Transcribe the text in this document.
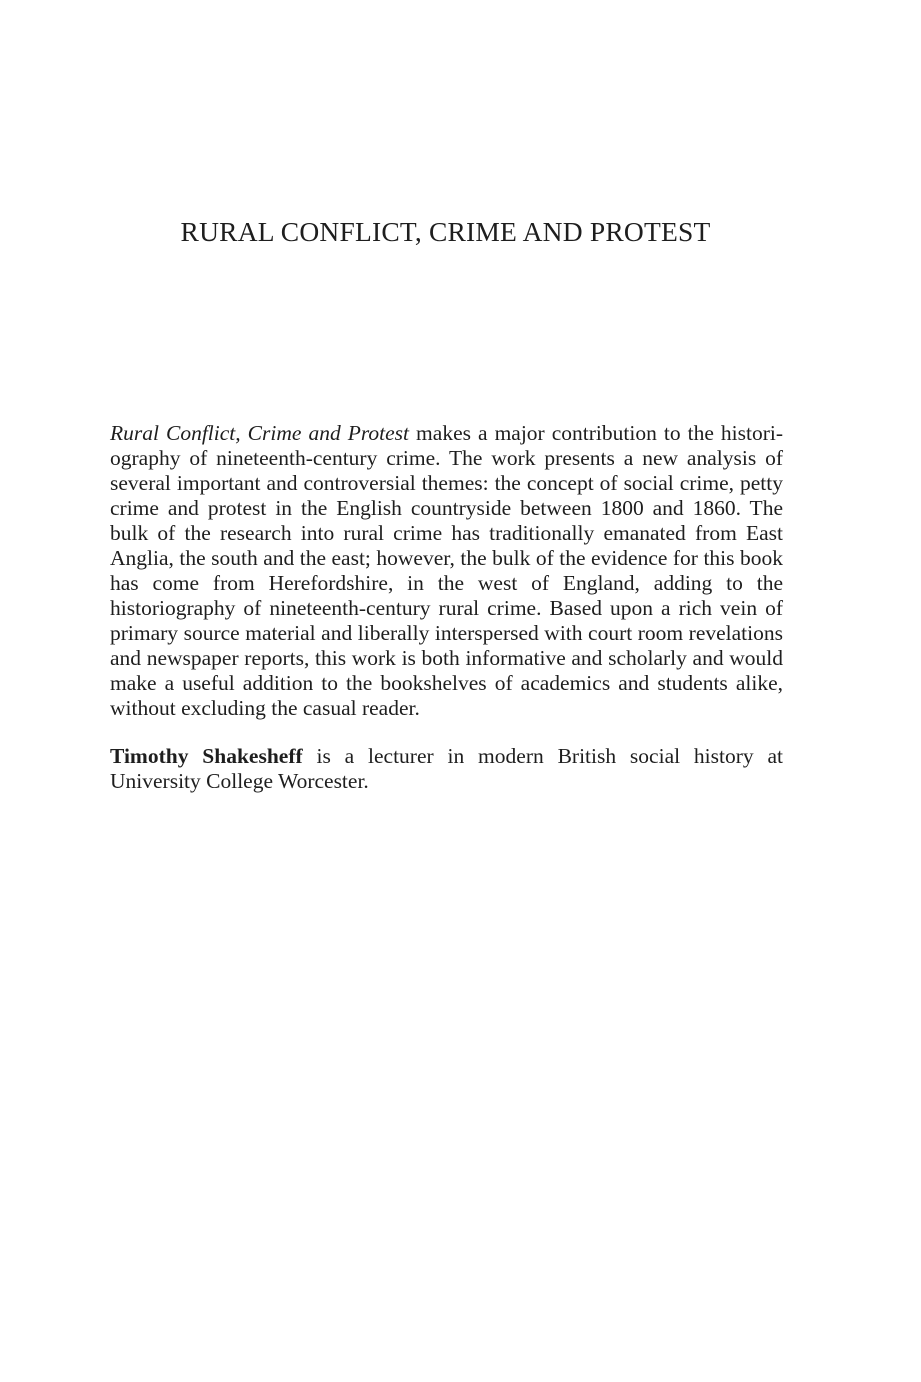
RURAL CONFLICT, CRIME AND PROTEST

Rural Conflict, Crime and Protest makes a major contribution to the historiography of nineteenth-century crime. The work presents a new analysis of several important and controversial themes: the concept of social crime, petty crime and protest in the English countryside between 1800 and 1860. The bulk of the research into rural crime has traditionally emanated from East Anglia, the south and the east; however, the bulk of the evidence for this book has come from Herefordshire, in the west of England, adding to the historiography of nineteenth-century rural crime. Based upon a rich vein of primary source material and liberally interspersed with court room revelations and newspaper reports, this work is both informative and scholarly and would make a useful addition to the bookshelves of academics and students alike, without excluding the casual reader.

Timothy Shakesheff is a lecturer in modern British social history at University College Worcester.
